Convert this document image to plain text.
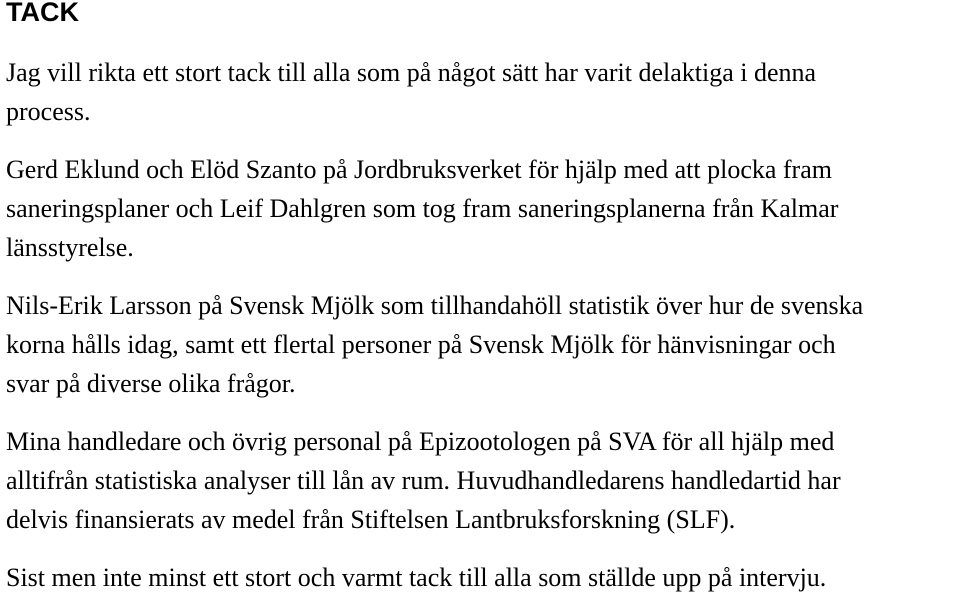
TACK

Jag vill rikta ett stort tack till alla som på något sätt har varit delaktiga i denna
process.

Gerd Eklund och Elöd Szanto på Jordbruksverket för hjälp med att plocka fram
saneringsplaner och Leif Dahlgren som tog fram saneringsplanerna från Kalmar
länsstyrelse.

Nils-Erik Larsson på Svensk Mjölk som tillhandahöll statistik över hur de svenska
korna hålls idag, samt ett flertal personer på Svensk Mjölk för hänvisningar och
svar på diverse olika frågor.

Mina handledare och övrig personal på Epizootologen på SVA för all hjälp med
alltifrån statistiska analyser till lån av rum. Huvudhandledarens handledartid har
delvis finansierats av medel från Stiftelsen Lantbruksforskning (SLF).

Sist men inte minst ett stort och varmt tack till alla som ställde upp på intervju.
